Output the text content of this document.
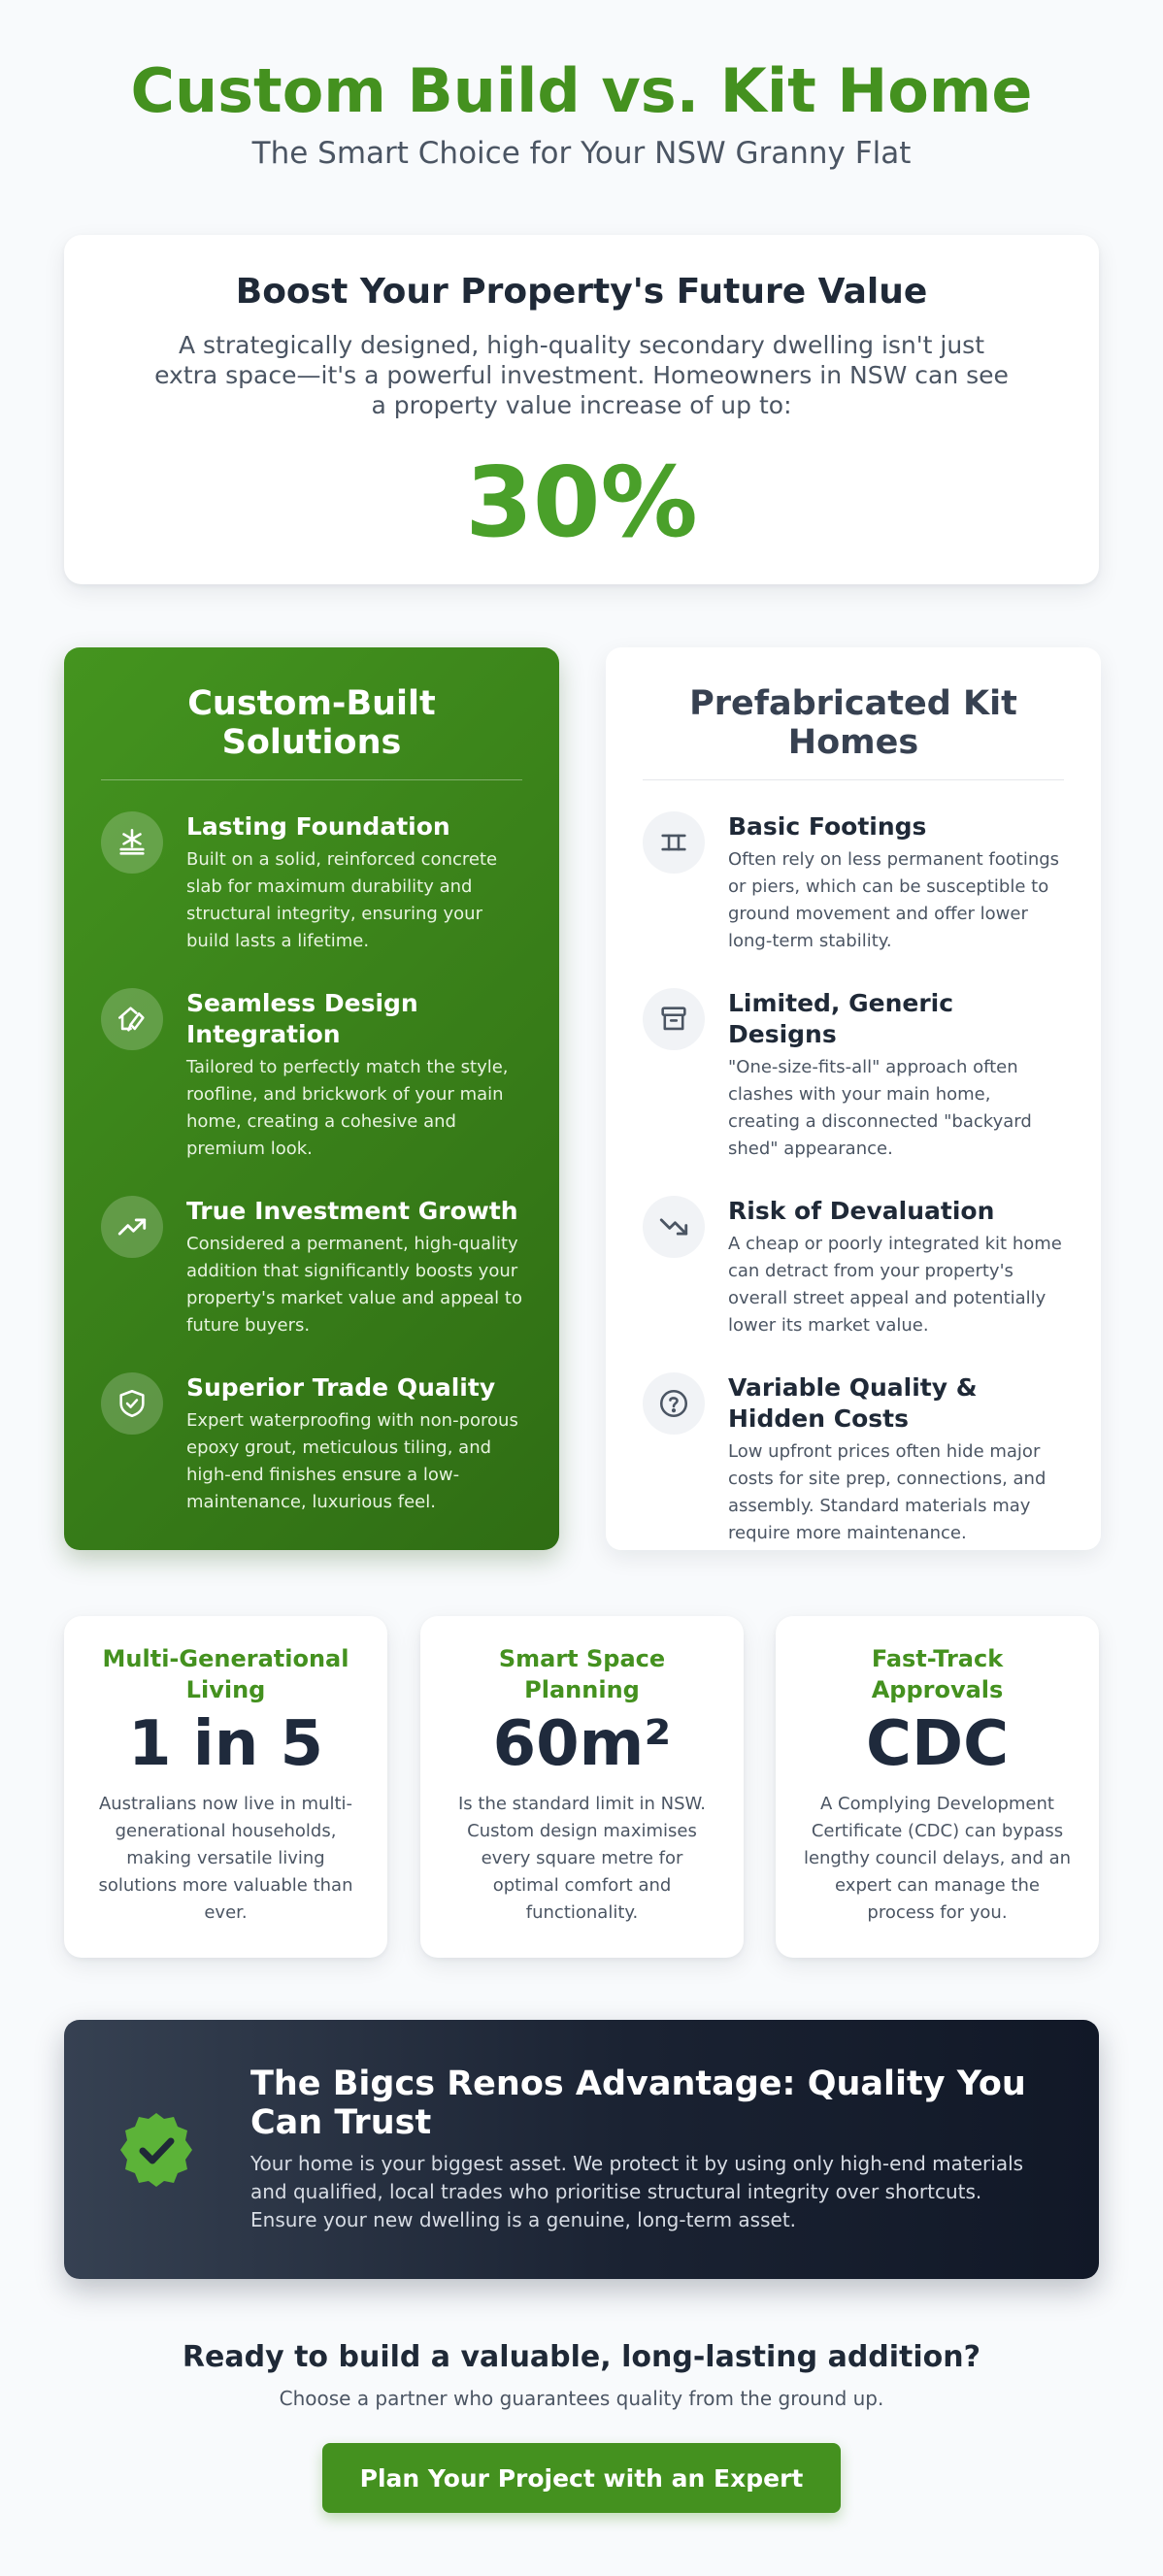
Custom Build vs. Kit Home
The Smart Choice for Your NSW Granny Flat
Boost Your Property's Future Value

A strategically designed, high-quality secondary dwelling isn't just extra space—it's a powerful investment. Homeowners in NSW can see a property value increase of up to:

30%
Custom-Built Solutions
Lasting Foundation

Built on a solid, reinforced concrete slab for maximum durability and structural integrity, ensuring your build lasts a lifetime.

Seamless Design Integration

Tailored to perfectly match the style, roofline, and brickwork of your main home, creating a cohesive and premium look.

True Investment Growth

Considered a permanent, high-quality addition that significantly boosts your property's market value and appeal to future buyers.

Superior Trade Quality

Expert waterproofing with non-porous epoxy grout, meticulous tiling, and high-end finishes ensure a low-maintenance, luxurious feel.

Prefabricated Kit Homes
Basic Footings

Often rely on less permanent footings or piers, which can be susceptible to ground movement and offer lower long-term stability.

Limited, Generic Designs

"One-size-fits-all" approach often clashes with your main home, creating a disconnected "backyard shed" appearance.

Risk of Devaluation

A cheap or poorly integrated kit home can detract from your property's overall street appeal and potentially lower its market value.

Variable Quality & Hidden Costs

Low upfront prices often hide major costs for site prep, connections, and assembly. Standard materials may require more maintenance.

Multi-Generational Living
1 in 5

Australians now live in multi-generational households, making versatile living solutions more valuable than ever.

Smart Space Planning
60m²

Is the standard limit in NSW. Custom design maximises every square metre for optimal comfort and functionality.

Fast-Track Approvals
CDC

A Complying Development Certificate (CDC) can bypass lengthy council delays, and an expert can manage the process for you.

The Bigcs Renos Advantage: Quality You Can Trust

Your home is your biggest asset. We protect it by using only high-end materials and qualified, local trades who prioritise structural integrity over shortcuts. Ensure your new dwelling is a genuine, long-term asset.

Ready to build a valuable, long-lasting addition?

Choose a partner who guarantees quality from the ground up.

Plan Your Project with an Expert
